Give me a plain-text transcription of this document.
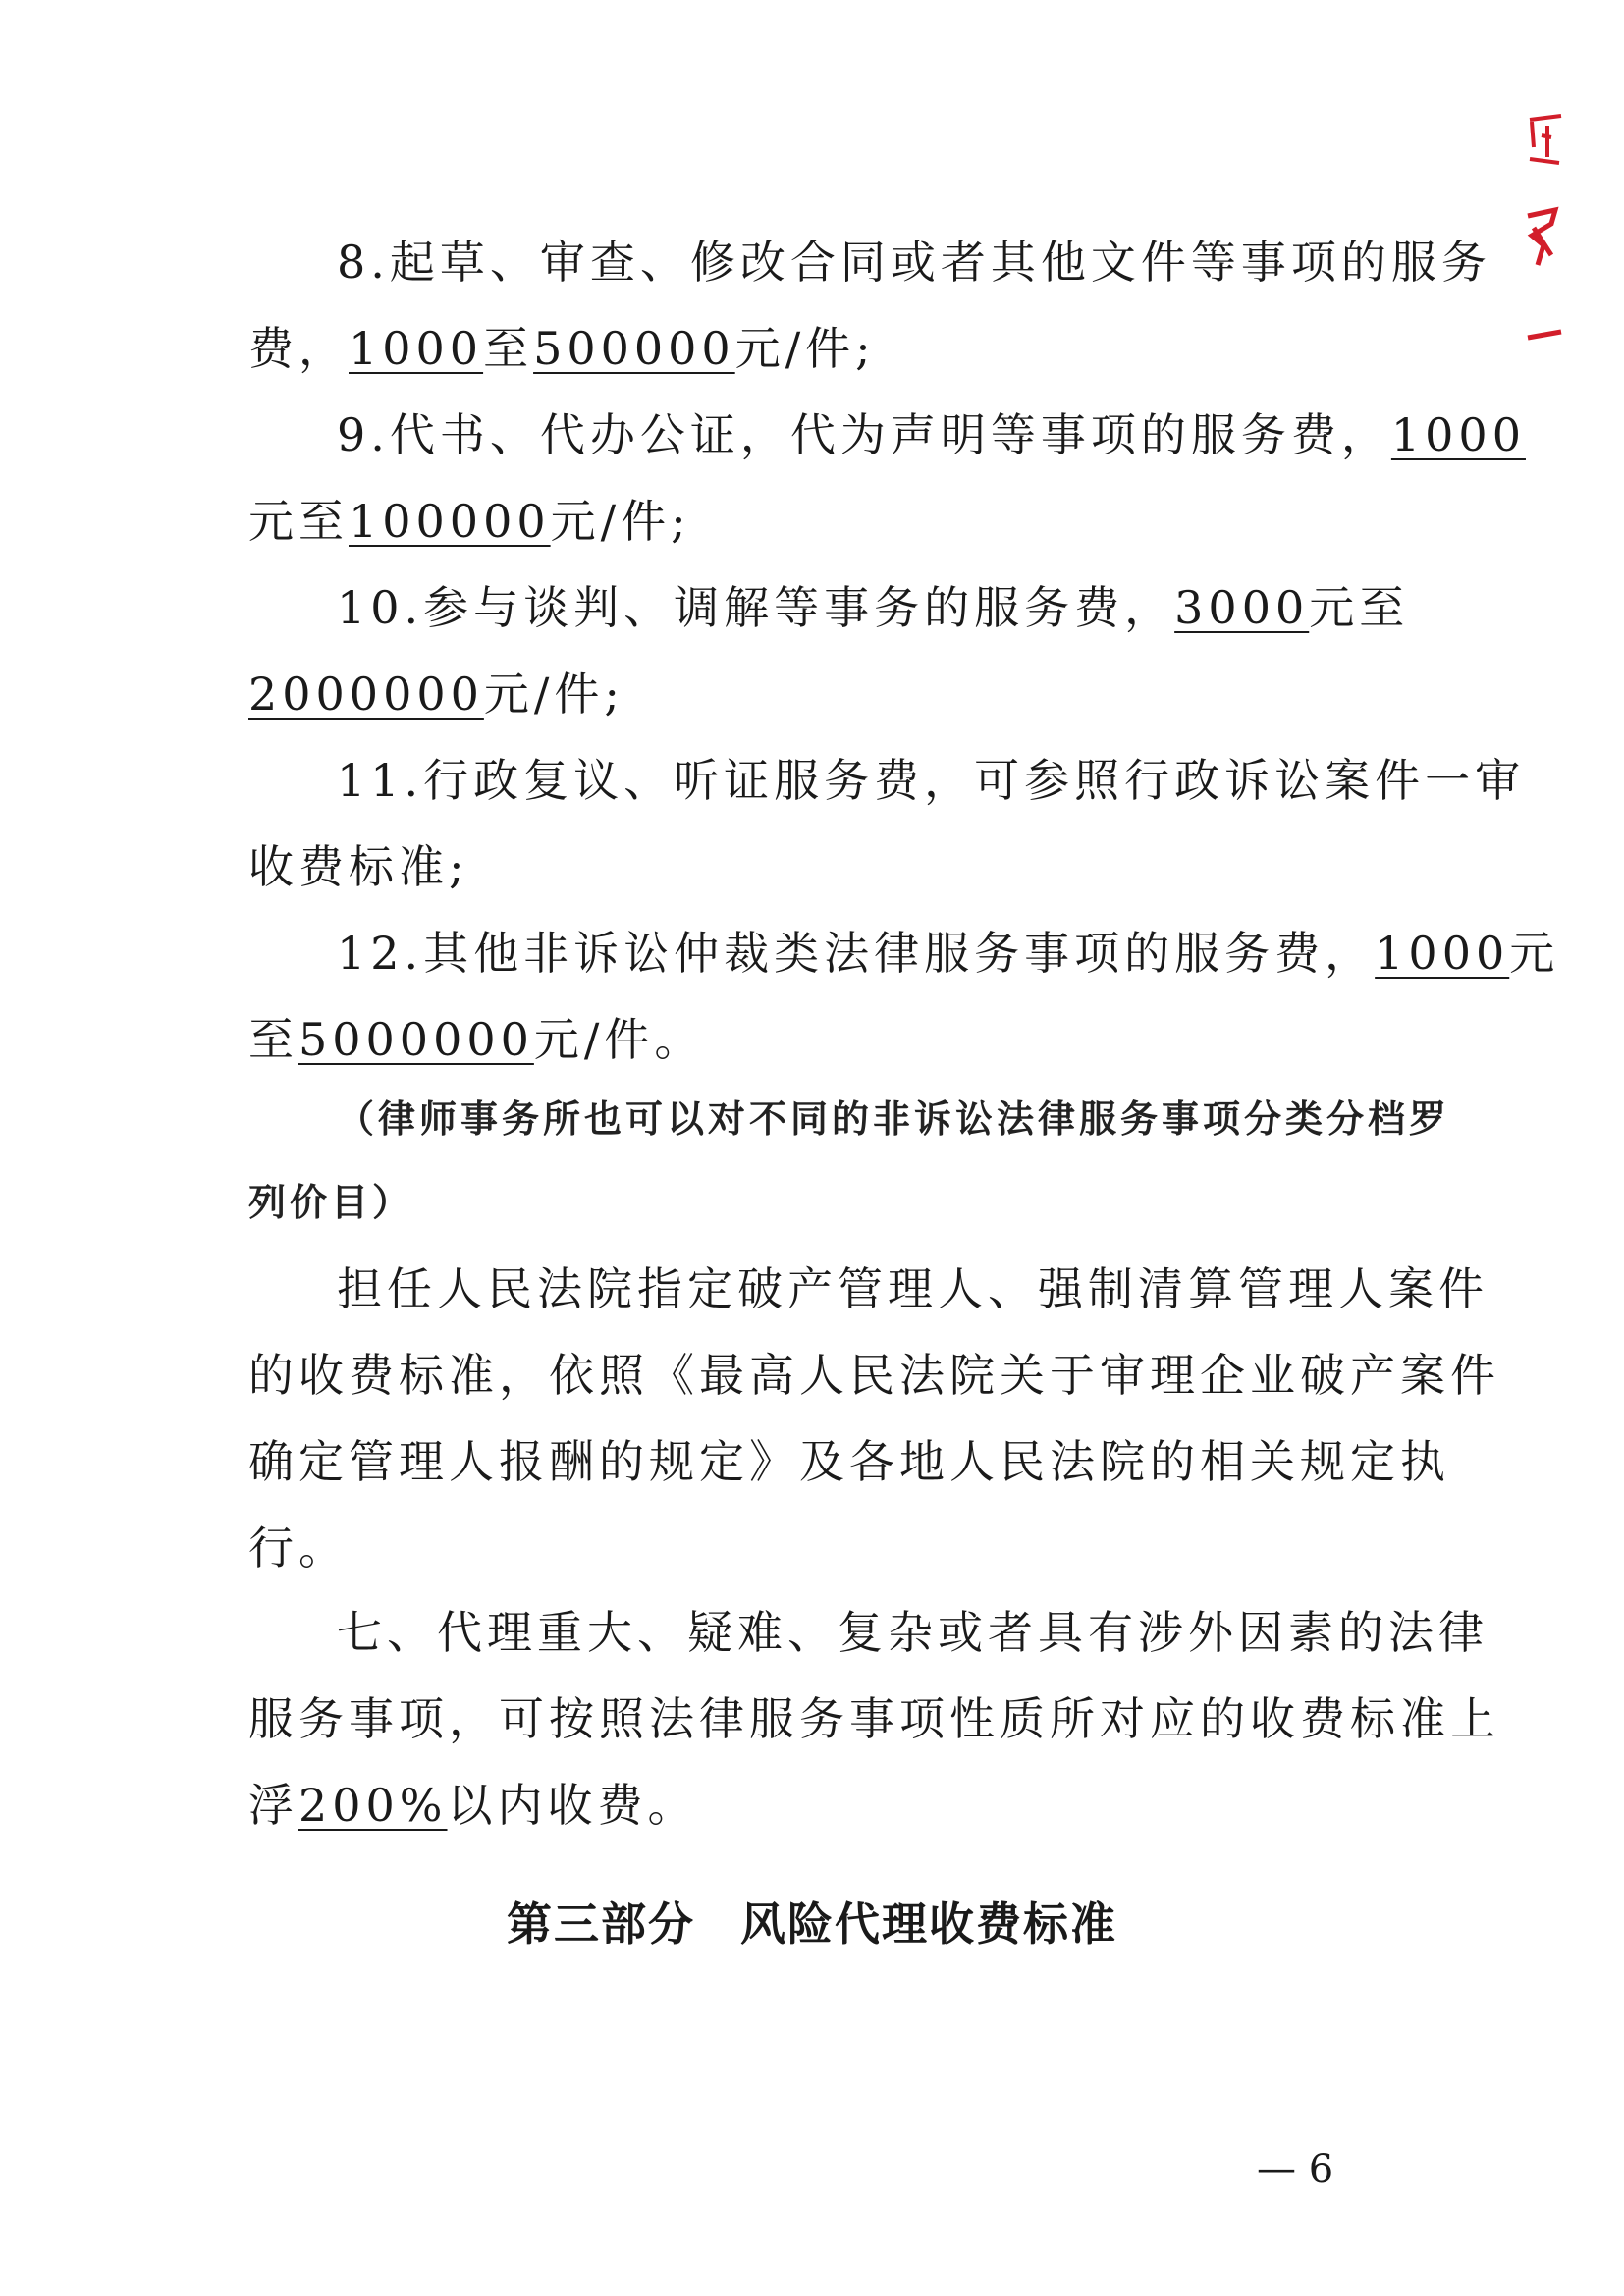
8.起草、审查、修改合同或者其他文件等事项的服务
费，1000至500000元/件;
9.代书、代办公证，代为声明等事项的服务费，1000
元至100000元/件;
10.参与谈判、调解等事务的服务费，3000元至
2000000元/件;
11.行政复议、听证服务费，可参照行政诉讼案件一审
收费标准;
12.其他非诉讼仲裁类法律服务事项的服务费，1000元
至5000000元/件。
（律师事务所也可以对不同的非诉讼法律服务事项分类分档罗
列价目）
担任人民法院指定破产管理人、强制清算管理人案件
的收费标准，依照《最高人民法院关于审理企业破产案件
确定管理人报酬的规定》及各地人民法院的相关规定执
行。
七、代理重大、疑难、复杂或者具有涉外因素的法律
服务事项，可按照法律服务事项性质所对应的收费标准上
浮200%以内收费。
第三部分 风险代理收费标准
— 6
